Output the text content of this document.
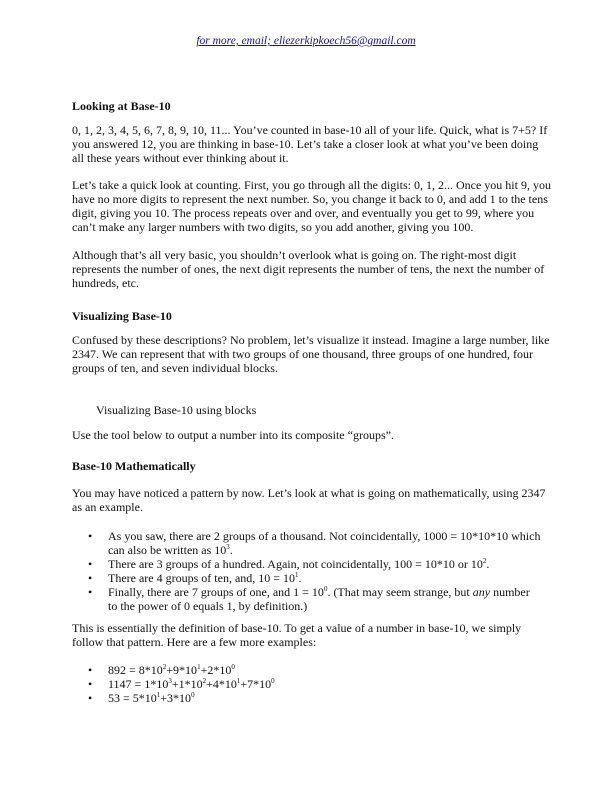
for more, email; eliezerkipkoech56@gmail.com
Looking at Base-10

0, 1, 2, 3, 4, 5, 6, 7, 8, 9, 10, 11... You’ve counted in base-10 all of your life. Quick, what is 7+5? If you answered 12, you are thinking in base-10. Let’s take a closer look at what you’ve been doing all these years without ever thinking about it.

Let’s take a quick look at counting. First, you go through all the digits: 0, 1, 2... Once you hit 9, you have no more digits to represent the next number. So, you change it back to 0, and add 1 to the tens digit, giving you 10. The process repeats over and over, and eventually you get to 99, where you can’t make any larger numbers with two digits, so you add another, giving you 100.

Although that’s all very basic, you shouldn’t overlook what is going on. The right-most digit represents the number of ones, the next digit represents the number of tens, the next the number of hundreds, etc.

Visualizing Base-10

Confused by these descriptions? No problem, let’s visualize it instead. Imagine a large number, like 2347. We can represent that with two groups of one thousand, three groups of one hundred, four groups of ten, and seven individual blocks.

Visualizing Base-10 using blocks

Use the tool below to output a number into its composite “groups”.

Base-10 Mathematically

You may have noticed a pattern by now. Let’s look at what is going on mathematically, using 2347 as an example.

• As you saw, there are 2 groups of a thousand. Not coincidentally, 1000 = 10*10*10 which can also be written as $10^3$.
• There are 3 groups of a hundred. Again, not coincidentally, 100 = 10*10 or $10^2$.
• There are 4 groups of ten, and, $10 = 10^1$.
• Finally, there are 7 groups of one, and $1 = 10^0$. (That may seem strange, but any number to the power of 0 equals 1, by definition.)

This is essentially the definition of base-10. To get a value of a number in base-10, we simply follow that pattern. Here are a few more examples:

• $892 = 8*10^2+9*10^1+2*10^0$
• $1147 = 1*10^3+1*10^2+4*10^1+7*10^0$
• $53 = 5*10^1+3*10^0$
